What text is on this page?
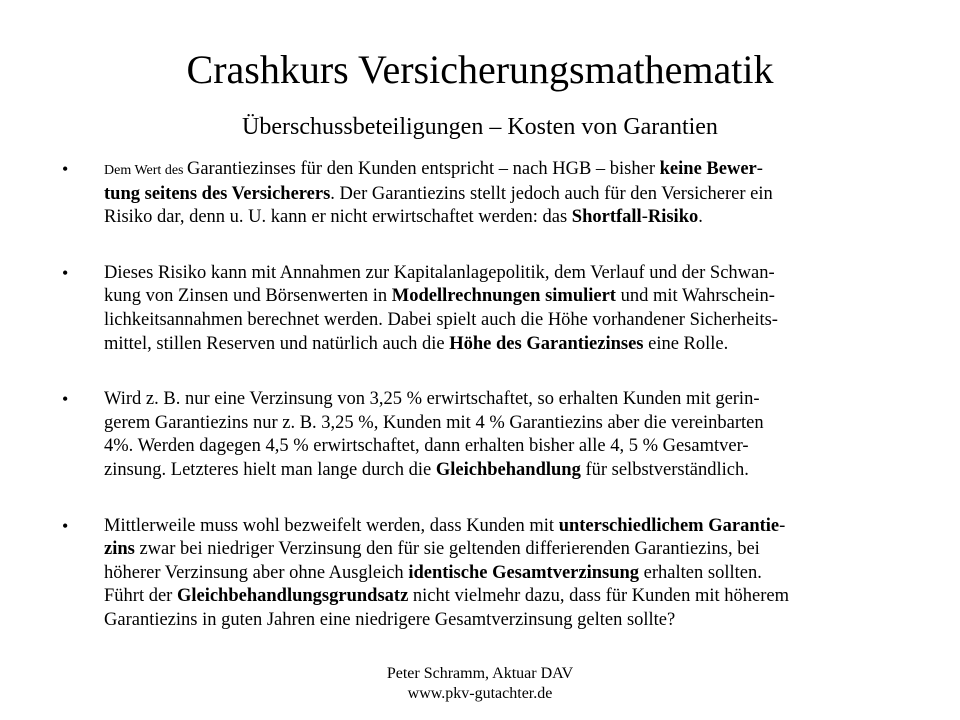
Crashkurs Versicherungsmathematik
Überschussbeteiligungen – Kosten von Garantien
•	Dem Wert des Garantiezinses für den Kunden entspricht – nach HGB – bisher keine Bewer-
tung seitens des Versicherers. Der Garantiezins stellt jedoch auch für den Versicherer ein
Risiko dar, denn u. U. kann er nicht erwirtschaftet werden: das Shortfall-Risiko.
•	Dieses Risiko kann mit Annahmen zur Kapitalanlagepolitik, dem Verlauf und der Schwan-
kung von Zinsen und Börsenwerten in Modellrechnungen simuliert und mit Wahrschein-
lichkeitsannahmen berechnet werden. Dabei spielt auch die Höhe vorhandener Sicherheits-
mittel, stillen Reserven und natürlich auch die Höhe des Garantiezinses eine Rolle.
•	Wird z. B. nur eine Verzinsung von 3,25 % erwirtschaftet, so erhalten Kunden mit gerin-
gerem Garantiezins nur z. B. 3,25 %, Kunden mit 4 % Garantiezins aber die vereinbarten
4%. Werden dagegen 4,5 % erwirtschaftet, dann erhalten bisher alle 4, 5 % Gesamtver-
zinsung. Letzteres hielt man lange durch die Gleichbehandlung für selbstverständlich.
•	Mittlerweile muss wohl bezweifelt werden, dass Kunden mit unterschiedlichem Garantie-
zins zwar bei niedriger Verzinsung den für sie geltenden differierenden Garantiezins, bei
höherer Verzinsung aber ohne Ausgleich identische Gesamtverzinsung erhalten sollten.
Führt der Gleichbehandlungsgrundsatz nicht vielmehr dazu, dass für Kunden mit höherem
Garantiezins in guten Jahren eine niedrigere Gesamtverzinsung gelten sollte?
Peter Schramm, Aktuar DAV
www.pkv-gutachter.de
